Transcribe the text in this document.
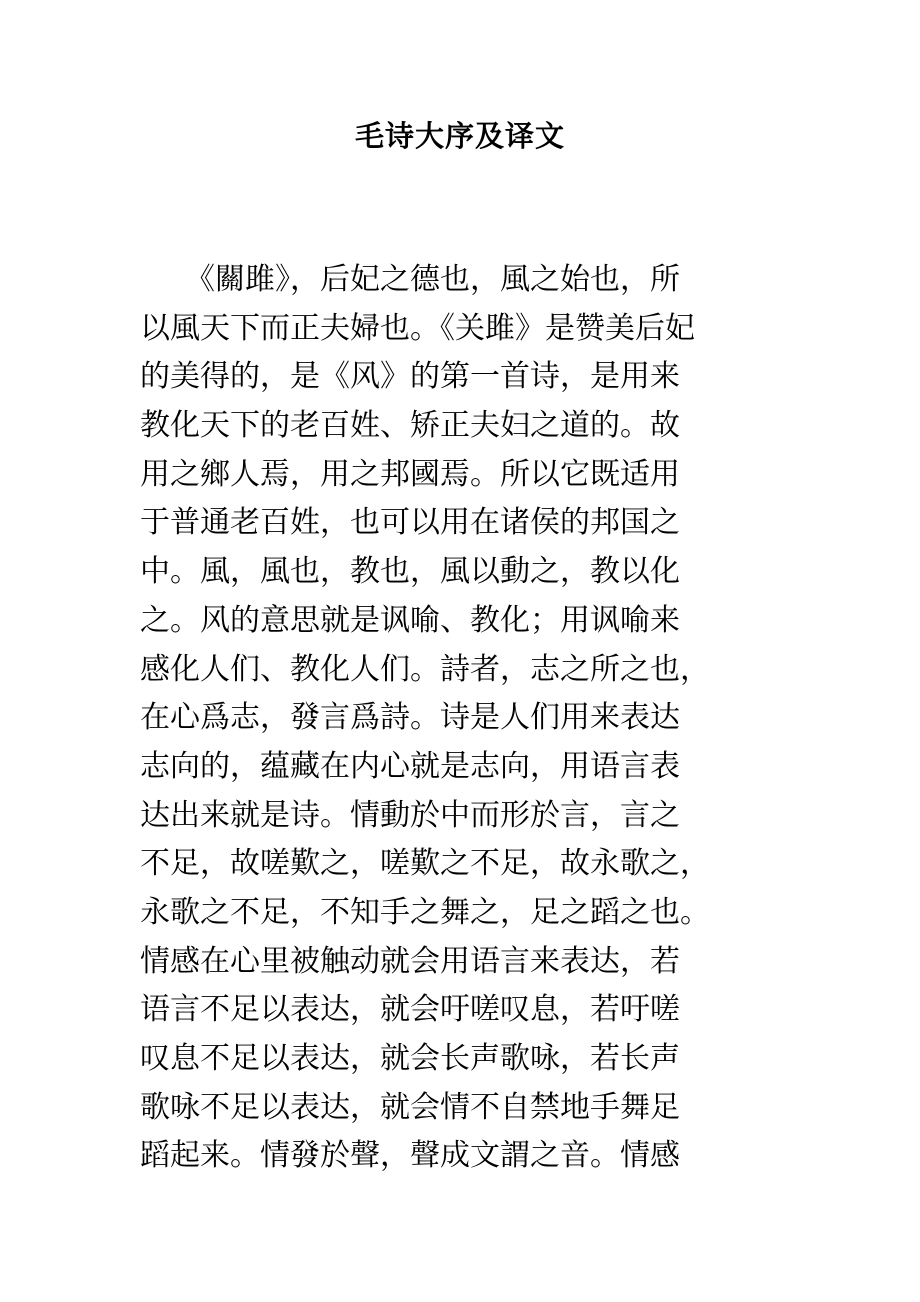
毛诗大序及译文
　　《關雎》，后妃之德也，風之始也，所
以風天下而正夫婦也。《关雎》是赞美后妃
的美得的，是《风》的第一首诗，是用来
教化天下的老百姓、矫正夫妇之道的。故
用之鄉人焉，用之邦國焉。所以它既适用
于普通老百姓，也可以用在诸侯的邦国之
中。風，風也，教也，風以動之，教以化
之。风的意思就是讽喻、教化；用讽喻来
感化人们、教化人们。詩者，志之所之也，
在心爲志，發言爲詩。诗是人们用来表达
志向的，蕴藏在内心就是志向，用语言表
达出来就是诗。情動於中而形於言，言之
不足，故嗟歎之，嗟歎之不足，故永歌之，
永歌之不足，不知手之舞之，足之蹈之也。
情感在心里被触动就会用语言来表达，若
语言不足以表达，就会吁嗟叹息，若吁嗟
叹息不足以表达，就会长声歌咏，若长声
歌咏不足以表达，就会情不自禁地手舞足
蹈起来。情發於聲，聲成文謂之音。情感
